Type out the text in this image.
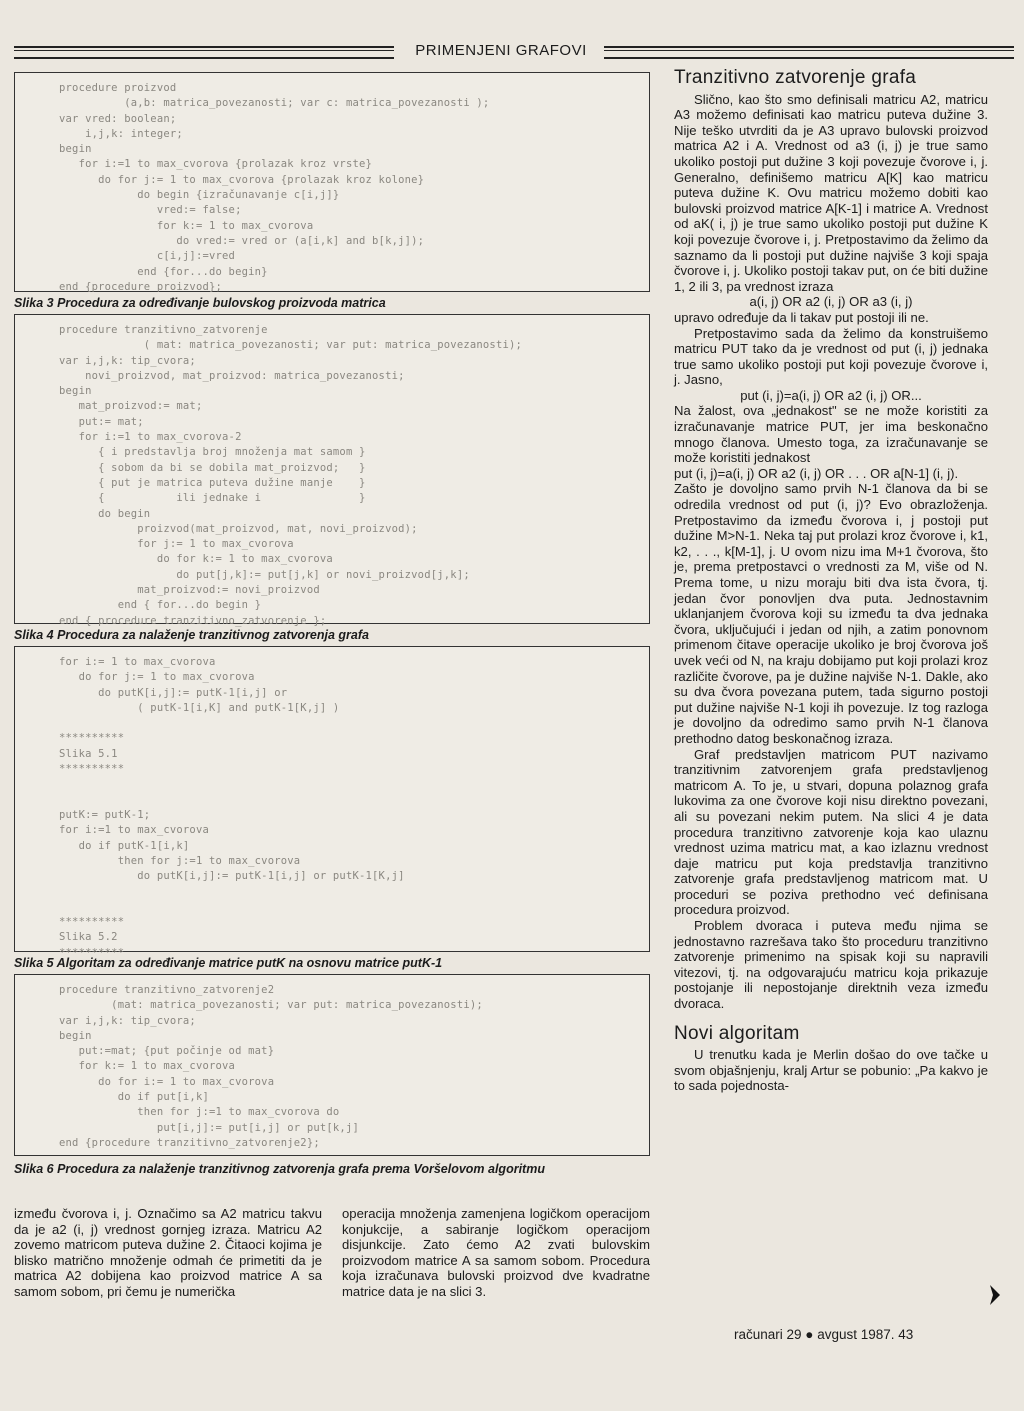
PRIMENJENI GRAFOVI
procedure proizvod
(a,b: matrica_povezanosti; var c: matrica_povezanosti );
var vred: boolean;
i,j,k: integer;
begin
for i:=1 to max_cvorova {prolazak kroz vrste}
do for j:= 1 to max_cvorova {prolazak kroz kolone}
do begin {izračunavanje c[i,j]}
vred:= false;
for k:= 1 to max_cvorova
do vred:= vred or (a[i,k] and b[k,j]);
c[i,j]:=vred
end {for...do begin}
end {procedure proizvod};
Slika 3 Procedura za određivanje bulovskog proizvoda matrica
procedure tranzitivno_zatvorenje
( mat: matrica_povezanosti; var put: matrica_povezanosti);
var i,j,k: tip_cvora;
novi_proizvod, mat_proizvod: matrica_povezanosti;
begin
mat_proizvod:= mat;
put:= mat;
for i:=1 to max_cvorova-2
{ i predstavlja broj množenja mat samom }
{ sobom da bi se dobila mat_proizvod;   }
{ put je matrica puteva dužine manje    }
{           ili jednake i               }
do begin
proizvod(mat_proizvod, mat, novi_proizvod);
for j:= 1 to max_cvorova
do for k:= 1 to max_cvorova
do put[j,k]:= put[j,k] or novi_proizvod[j,k];
mat_proizvod:= novi_proizvod
end { for...do begin }
end { procedure tranzitivno_zatvorenje };
Slika 4 Procedura za nalaženje tranzitivnog zatvorenja grafa
for i:= 1 to max_cvorova
do for j:= 1 to max_cvorova
do putK[i,j]:= putK-1[i,j] or
( putK-1[i,K] and putK-1[K,j] )

**********
Slika 5.1
**********

putK:= putK-1;
for i:=1 to max_cvorova
do if putK-1[i,k]
then for j:=1 to max_cvorova
do putK[i,j]:= putK-1[i,j] or putK-1[K,j]

**********
Slika 5.2
**********
Slika 5 Algoritam za određivanje matrice putK na osnovu matrice putK-1
procedure tranzitivno_zatvorenje2
(mat: matrica_povezanosti; var put: matrica_povezanosti);
var i,j,k: tip_cvora;
begin
put:=mat; {put počinje od mat}
for k:= 1 to max_cvorova
do for i:= 1 to max_cvorova
do if put[i,k]
then for j:=1 to max_cvorova do
put[i,j]:= put[i,j] or put[k,j]
end {procedure tranzitivno_zatvorenje2};
Slika 6 Procedura za nalaženje tranzitivnog zatvorenja grafa prema Voršelovom algoritmu

između čvorova i, j. Označimo sa A2 matricu takvu da je a2 (i, j) vrednost gornjeg izraza. Matricu A2 zovemo matricom puteva dužine 2. Čitaoci kojima je blisko matrično množenje odmah će primetiti da je matrica A2 dobijena kao proizvod matrice A sa samom sobom, pri čemu je numerička

operacija množenja zamenjena logičkom operacijom konjukcije, a sabiranje logičkom operacijom disjunkcije. Zato ćemo A2 zvati bulovskim proizvodom matrice A sa samom sobom. Procedura koja izračunava bulovski proizvod dve kvadratne matrice data je na slici 3.

Tranzitivno zatvorenje grafa

Slično, kao što smo definisali matricu A2, matricu A3 možemo definisati kao matricu puteva dužine 3. Nije teško utvrditi da je A3 upravo bulovski proizvod matrica A2 i A. Vrednost od a3 (i, j) je true samo ukoliko postoji put dužine 3 koji povezuje čvorove i, j. Generalno, definišemo matricu A[K] kao matricu puteva dužine K. Ovu matricu možemo dobiti kao bulovski proizvod matrice A[K-1] i matrice A. Vrednost od aK( i, j) je true samo ukoliko postoji put dužine K koji povezuje čvorove i, j. Pretpostavimo da želimo da saznamo da li postoji put dužine najviše 3 koji spaja čvorove i, j. Ukoliko postoji takav put, on će biti dužine 1, 2 ili 3, pa vrednost izraza

a(i, j) OR a2 (i, j) OR a3 (i, j)

upravo određuje da li takav put postoji ili ne.

Pretpostavimo sada da želimo da konstruišemo matricu PUT tako da je vrednost od put (i, j) jednaka true samo ukoliko postoji put koji povezuje čvorove i, j. Jasno,

put (i, j)=a(i, j) OR a2 (i, j) OR...

Na žalost, ova „jednakost" se ne može koristiti za izračunavanje matrice PUT, jer ima beskonačno mnogo članova. Umesto toga, za izračunavanje se može koristiti jednakost

put (i, j)=a(i, j) OR a2 (i, j) OR . . . OR a[N-1] (i, j).

Zašto je dovoljno samo prvih N-1 članova da bi se odredila vrednost od put (i, j)? Evo obrazloženja. Pretpostavimo da između čvorova i, j postoji put dužine M>N-1. Neka taj put prolazi kroz čvorove i, k1, k2, . . ., k[M-1], j. U ovom nizu ima M+1 čvorova, što je, prema pretpostavci o vrednosti za M, više od N. Prema tome, u nizu moraju biti dva ista čvora, tj. jedan čvor ponovljen dva puta. Jednostavnim uklanjanjem čvorova koji su između ta dva jednaka čvora, uključujući i jedan od njih, a zatim ponovnom primenom čitave operacije ukoliko je broj čvorova još uvek veći od N, na kraju dobijamo put koji prolazi kroz različite čvorove, pa je dužine najviše N-1. Dakle, ako su dva čvora povezana putem, tada sigurno postoji put dužine najviše N-1 koji ih povezuje. Iz tog razloga je dovoljno da odredimo samo prvih N-1 članova prethodno datog beskonačnog izraza.

Graf predstavljen matricom PUT nazivamo tranzitivnim zatvorenjem grafa predstavljenog matricom A. To je, u stvari, dopuna polaznog grafa lukovima za one čvorove koji nisu direktno povezani, ali su povezani nekim putem. Na slici 4 je data procedura tranzitivno zatvorenje koja kao ulaznu vrednost uzima matricu mat, a kao izlaznu vrednost daje matricu put koja predstavlja tranzitivno zatvorenje grafa predstavljenog matricom mat. U proceduri se poziva prethodno već definisana procedura proizvod.

Problem dvoraca i puteva među njima se jednostavno razrešava tako što proceduru tranzitivno zatvorenje primenimo na spisak koji su napravili vitezovi, tj. na odgovarajuću matricu koja prikazuje postojanje ili nepostojanje direktnih veza između dvoraca.

Novi algoritam

U trenutku kada je Merlin došao do ove tačke u svom objašnjenju, kralj Artur se pobunio: „Pa kakvo je to sada pojednosta-

računari 29 ● avgust 1987. 43
